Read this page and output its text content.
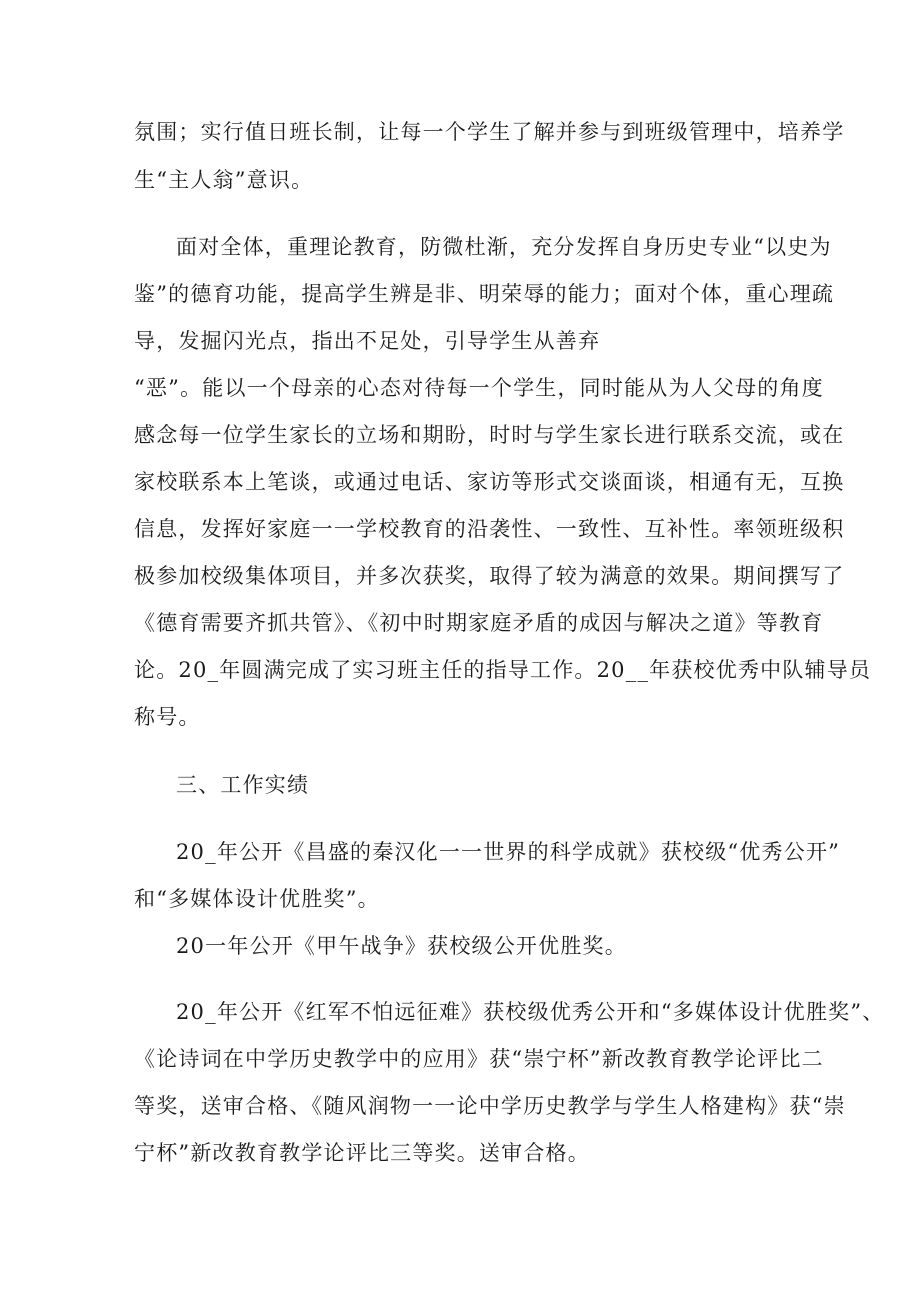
氛围；实行值日班长制，让每一个学生了解并参与到班级管理中，培养学
生“主人翁”意识。
面对全体，重理论教育，防微杜渐，充分发挥自身历史专业“以史为
鉴”的德育功能，提高学生辨是非、明荣辱的能力；面对个体，重心理疏
导，发掘闪光点，指出不足处，引导学生从善弃
“恶”。能以一个母亲的心态对待每一个学生，同时能从为人父母的角度
感念每一位学生家长的立场和期盼，时时与学生家长进行联系交流，或在
家校联系本上笔谈，或通过电话、家访等形式交谈面谈，相通有无，互换
信息，发挥好家庭一一学校教育的沿袭性、一致性、互补性。率领班级积
极参加校级集体项目，并多次获奖，取得了较为满意的效果。期间撰写了
《德育需要齐抓共管》、《初中时期家庭矛盾的成因与解决之道》等教育
论。20_年圆满完成了实习班主任的指导工作。20__年获校优秀中队辅导员
称号。
三、工作实绩
20_年公开《昌盛的秦汉化一一世界的科学成就》获校级“优秀公开”
和“多媒体设计优胜奖”。
20一年公开《甲午战争》获校级公开优胜奖。
20_年公开《红军不怕远征难》获校级优秀公开和“多媒体设计优胜奖”、
《论诗词在中学历史教学中的应用》获“崇宁杯”新改教育教学论评比二
等奖，送审合格、《随风润物一一论中学历史教学与学生人格建构》获“崇
宁杯”新改教育教学论评比三等奖。送审合格。
